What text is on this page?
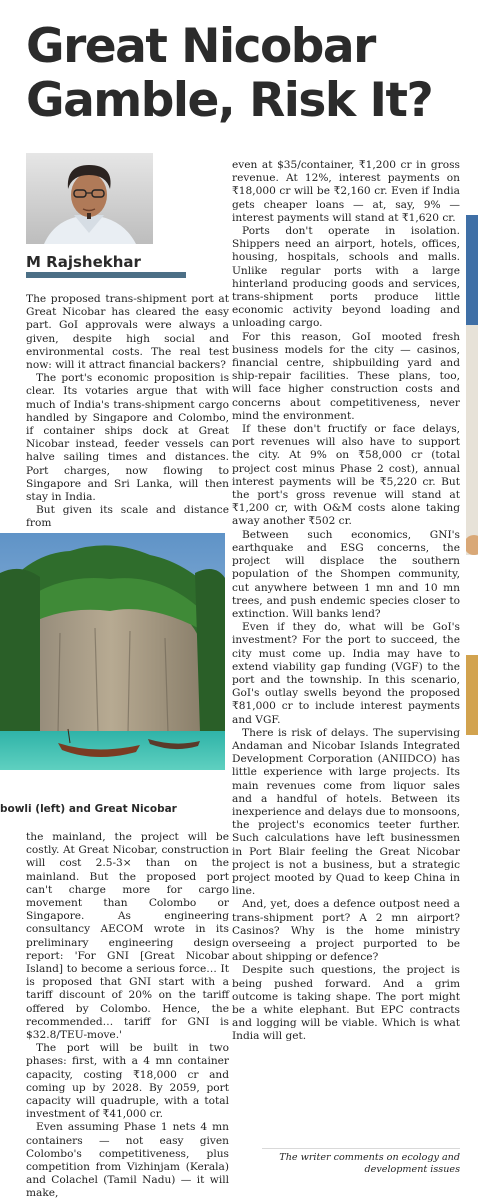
Great Nicobar
Gamble, Risk It?
M Rajshekhar

The proposed trans-shipment port at Great Nicobar has cleared the easy part. GoI approvals were always a given, despite high social and environmental costs. The real test now: will it attract financial backers?

The port's economic proposition is clear. Its votaries argue that with much of India's trans-shipment cargo handled by Singapore and Colombo, if container ships dock at Great Nicobar instead, feeder vessels can halve sailing times and distances. Port charges, now flowing to Singapore and Sri Lanka, will then stay in India.

But given its scale and distance from

bowli (left) and Great Nicobar

the mainland, the project will be costly. At Great Nicobar, construction will cost 2.5-3× than on the mainland. But the proposed port can't charge more for cargo movement than Colombo or Singapore. As engineering consultancy AECOM wrote in its preliminary engineering design report: 'For GNI [Great Nicobar Island] to become a serious force… It is proposed that GNI start with a tariff discount of 20% on the tariff offered by Colombo. Hence, the recommended… tariff for GNI is $32.8/TEU-move.'

The port will be built in two phases: first, with a 4 mn container capacity, costing ₹18,000 cr and coming up by 2028. By 2059, port capacity will quadruple, with a total investment of ₹41,000 cr.

Even assuming Phase 1 nets 4 mn containers — not easy given Colombo's competitiveness, plus competition from Vizhinjam (Kerala) and Colachel (Tamil Nadu) — it will make,

even at $35/container, ₹1,200 cr in gross revenue. At 12%, interest payments on ₹18,000 cr will be ₹2,160 cr. Even if India gets cheaper loans — at, say, 9% — interest payments will stand at ₹1,620 cr.

Ports don't operate in isolation. Shippers need an airport, hotels, offices, housing, hospitals, schools and malls. Unlike regular ports with a large hinterland producing goods and services, trans-shipment ports produce little economic activity beyond loading and unloading cargo.

For this reason, GoI mooted fresh business models for the city — casinos, financial centre, shipbuilding yard and ship-repair facilities. These plans, too, will face higher construction costs and concerns about competitiveness, never mind the environment.

If these don't fructify or face delays, port revenues will also have to support the city. At 9% on ₹58,000 cr (total project cost minus Phase 2 cost), annual interest payments will be ₹5,220 cr. But the port's gross revenue will stand at ₹1,200 cr, with O&M costs alone taking away another ₹502 cr.

Between such economics, GNI's earthquake and ESG concerns, the project will displace the southern population of the Shompen community, cut anywhere between 1 mn and 10 mn trees, and push endemic species closer to extinction. Will banks lend?

Even if they do, what will be GoI's investment? For the port to succeed, the city must come up. India may have to extend viability gap funding (VGF) to the port and the township. In this scenario, GoI's outlay swells beyond the proposed ₹81,000 cr to include interest payments and VGF.

There is risk of delays. The supervising Andaman and Nicobar Islands Integrated Development Corporation (ANIIDCO) has little experience with large projects. Its main revenues come from liquor sales and a handful of hotels. Between its inexperience and delays due to monsoons, the project's economics teeter further. Such calculations have left businessmen in Port Blair feeling the Great Nicobar project is not a business, but a strategic project mooted by Quad to keep China in line.

And, yet, does a defence outpost need a trans-shipment port? A 2 mn airport? Casinos? Why is the home ministry overseeing a project purported to be about shipping or defence?

Despite such questions, the project is being pushed forward. And a grim outcome is taking shape. The port might be a white elephant. But EPC contracts and logging will be viable. Which is what India will get.

The writer comments on ecology and development issues
